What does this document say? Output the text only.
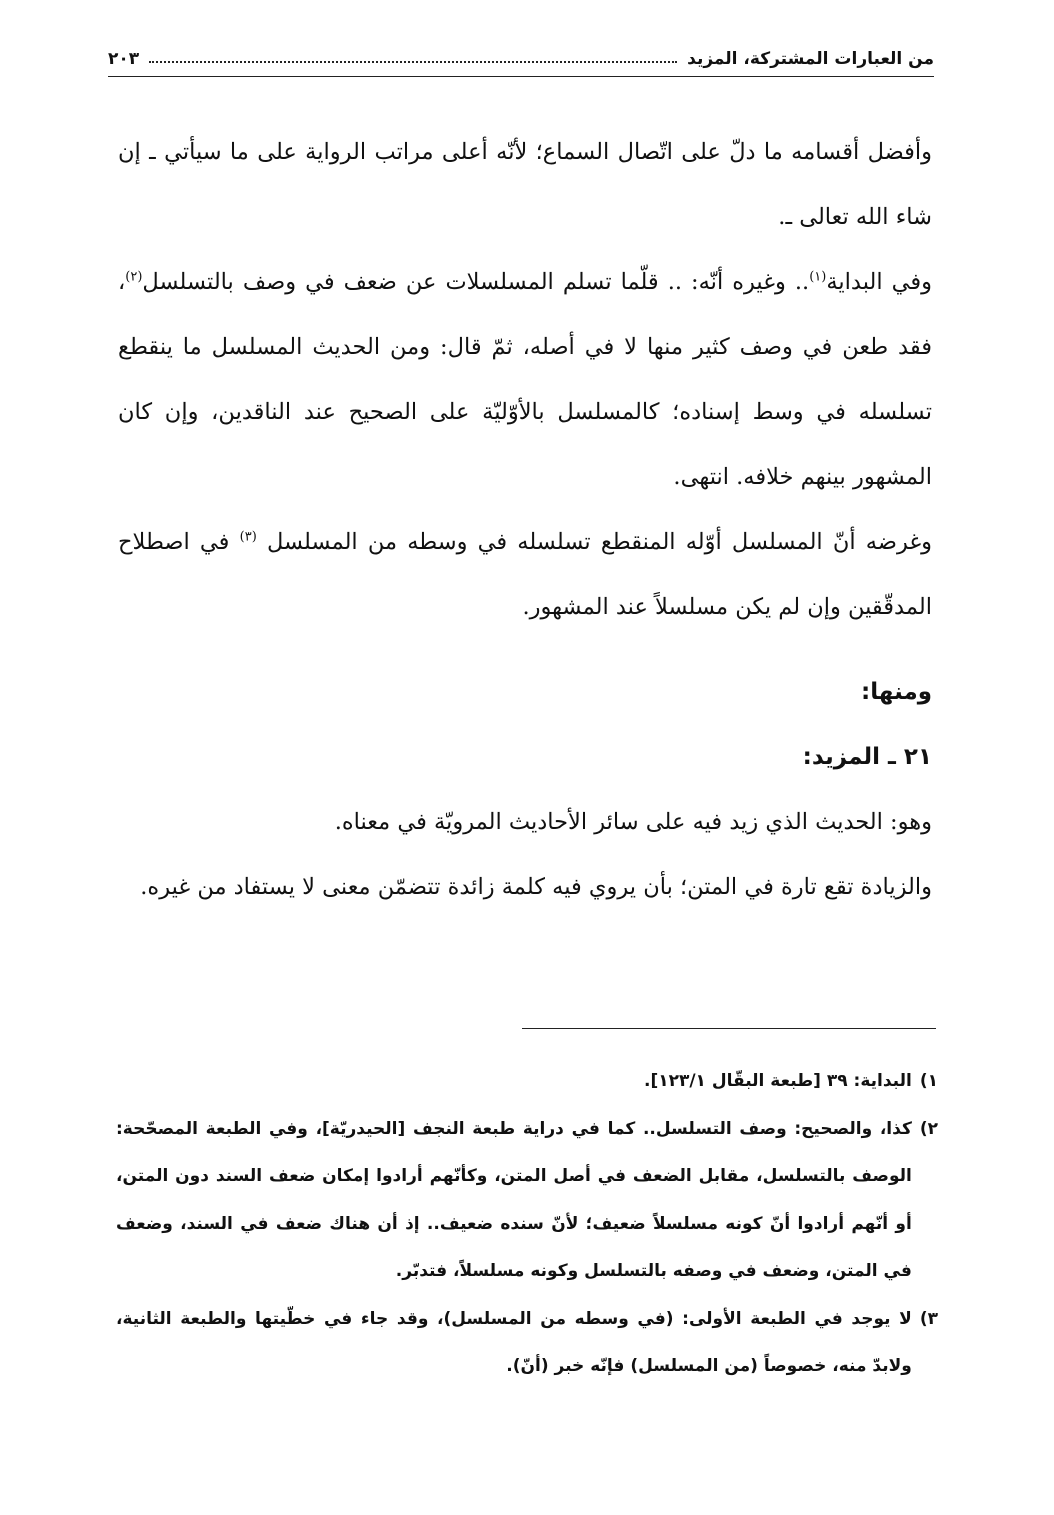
من العبارات المشتركة، المزيد
٢٠٣

وأفضل أقسامه ما دلّ على اتّصال السماع؛ لأنّه أعلى مراتب الرواية على ما سيأتي ـ إن شاء الله تعالى ـ.

وفي البداية$^{(١)}$.. وغيره أنّه: .. قلّما تسلم المسلسلات عن ضعف في وصف بالتسلسل$^{(٢)}$، فقد طعن في وصف كثير منها لا في أصله، ثمّ قال: ومن الحديث المسلسل ما ينقطع تسلسله في وسط إسناده؛ كالمسلسل بالأوّليّة على الصحيح عند الناقدين، وإن كان المشهور بينهم خلافه. انتهى.

وغرضه أنّ المسلسل أوّله المنقطع تسلسله في وسطه من المسلسل $^{(٣)}$ في اصطلاح المدقّقين وإن لم يكن مسلسلاً عند المشهور.

ومنها:

٢١ ـ المزيد:

وهو: الحديث الذي زيد فيه على سائر الأحاديث المرويّة في معناه.

والزيادة تقع تارة في المتن؛ بأن يروي فيه كلمة زائدة تتضمّن معنى لا يستفاد من غيره.

١)
البداية: ٣٩ [طبعة البقّال ١٢٣/١].
٢)
كذا، والصحيح: وصف التسلسل.. كما في دراية طبعة النجف [الحيدريّة]، وفي الطبعة المصحّحة: الوصف بالتسلسل، مقابل الضعف في أصل المتن، وكأنّهم أرادوا إمكان ضعف السند دون المتن، أو أنّهم أرادوا أنّ كونه مسلسلاً ضعيف؛ لأنّ سنده ضعيف.. إذ أن هناك ضعف في السند، وضعف في المتن، وضعف في وصفه بالتسلسل وكونه مسلسلاً، فتدبّر.
٣)
لا يوجد في الطبعة الأولى: (في وسطه من المسلسل)، وقد جاء في خطّيتها والطبعة الثانية، ولابدّ منه، خصوصاً (من المسلسل) فإنّه خبر (أنّ).
